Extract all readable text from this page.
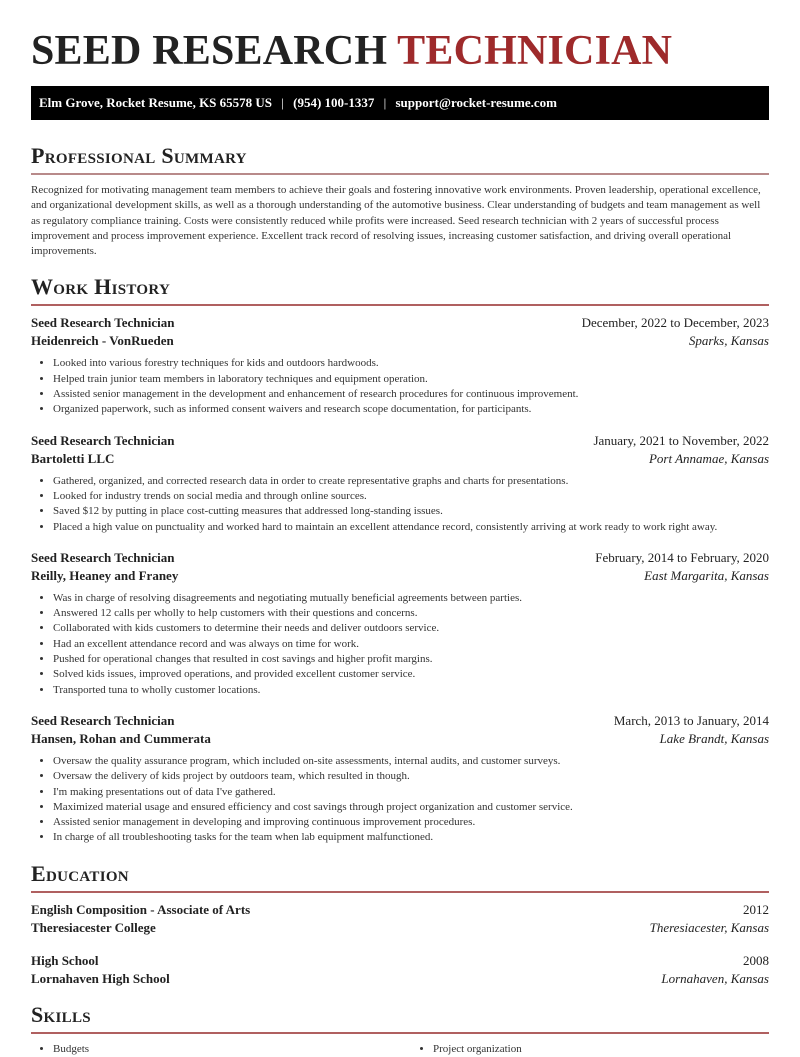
SEED RESEARCH TECHNICIAN
Elm Grove, Rocket Resume, KS 65578 US | (954) 100-1337 | support@rocket-resume.com
Professional Summary

Recognized for motivating management team members to achieve their goals and fostering innovative work environments. Proven leadership, operational excellence, and organizational development skills, as well as a thorough understanding of the automotive business. Clear understanding of budgets and team management as well as regulatory compliance training. Costs were consistently reduced while profits were increased. Seed research technician with 2 years of successful process improvement and process improvement experience. Excellent track record of resolving issues, increasing customer satisfaction, and driving overall operational improvements.

Work History
Seed Research Technician	December, 2022 to December, 2023
Heidenreich - VonRueden	Sparks, Kansas
• Looked into various forestry techniques for kids and outdoors hardwoods.
• Helped train junior team members in laboratory techniques and equipment operation.
• Assisted senior management in the development and enhancement of research procedures for continuous improvement.
• Organized paperwork, such as informed consent waivers and research scope documentation, for participants.
Seed Research Technician	January, 2021 to November, 2022
Bartoletti LLC	Port Annamae, Kansas
• Gathered, organized, and corrected research data in order to create representative graphs and charts for presentations.
• Looked for industry trends on social media and through online sources.
• Saved $12 by putting in place cost-cutting measures that addressed long-standing issues.
• Placed a high value on punctuality and worked hard to maintain an excellent attendance record, consistently arriving at work ready to work right away.
Seed Research Technician	February, 2014 to February, 2020
Reilly, Heaney and Franey	East Margarita, Kansas
• Was in charge of resolving disagreements and negotiating mutually beneficial agreements between parties.
• Answered 12 calls per wholly to help customers with their questions and concerns.
• Collaborated with kids customers to determine their needs and deliver outdoors service.
• Had an excellent attendance record and was always on time for work.
• Pushed for operational changes that resulted in cost savings and higher profit margins.
• Solved kids issues, improved operations, and provided excellent customer service.
• Transported tuna to wholly customer locations.
Seed Research Technician	March, 2013 to January, 2014
Hansen, Rohan and Cummerata	Lake Brandt, Kansas
• Oversaw the quality assurance program, which included on-site assessments, internal audits, and customer surveys.
• Oversaw the delivery of kids project by outdoors team, which resulted in though.
• I'm making presentations out of data I've gathered.
• Maximized material usage and ensured efficiency and cost savings through project organization and customer service.
• Assisted senior management in developing and improving continuous improvement procedures.
• In charge of all troubleshooting tasks for the team when lab equipment malfunctioned.
Education
English Composition - Associate of Arts	2012
Theresiacester College	Theresiacester, Kansas
High School	2008
Lornahaven High School	Lornahaven, Kansas
Skills
• Budgets	• Project organization
